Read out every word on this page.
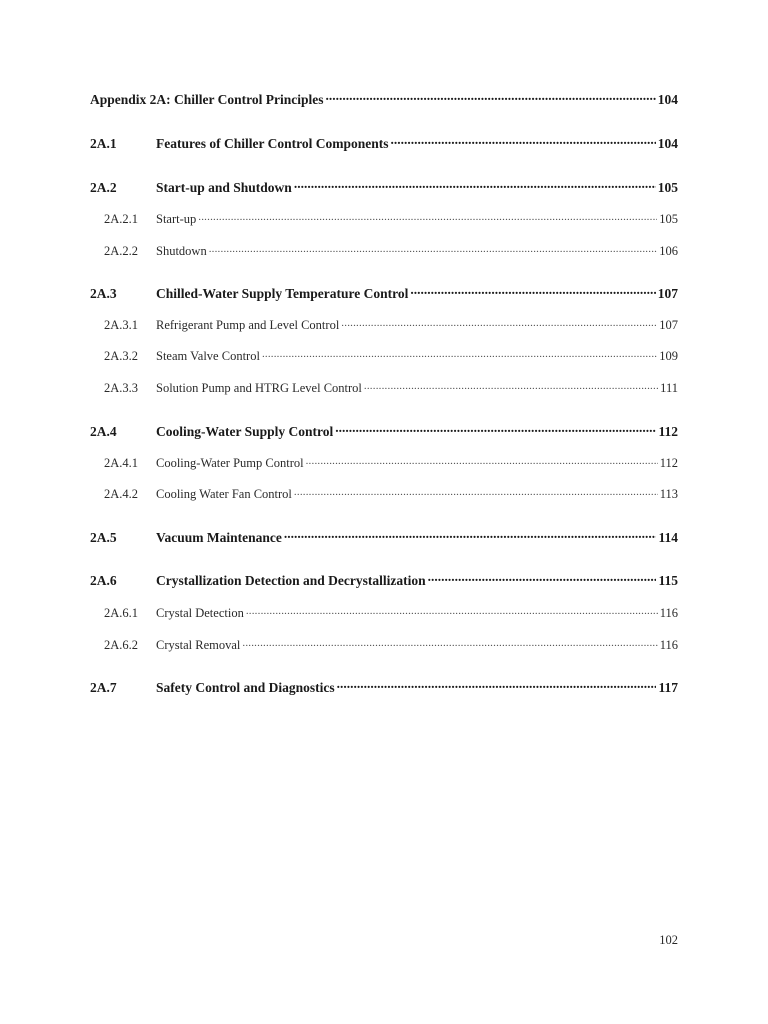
Appendix 2A: Chiller Control Principles .....	104
2A.1	Features of Chiller Control Components .....	104
2A.2	Start-up and Shutdown .....	105
2A.2.1	Start-up .....	105
2A.2.2	Shutdown .....	106
2A.3	Chilled-Water Supply Temperature Control .....	107
2A.3.1	Refrigerant Pump and Level Control .....	107
2A.3.2	Steam Valve Control .....	109
2A.3.3	Solution Pump and HTRG Level Control .....	111
2A.4	Cooling-Water Supply Control .....	112
2A.4.1	Cooling-Water Pump Control .....	112
2A.4.2	Cooling Water Fan Control .....	113
2A.5	Vacuum Maintenance .....	114
2A.6	Crystallization Detection and Decrystallization .....	115
2A.6.1	Crystal Detection .....	116
2A.6.2	Crystal Removal .....	116
2A.7	Safety Control and Diagnostics .....	117
102
